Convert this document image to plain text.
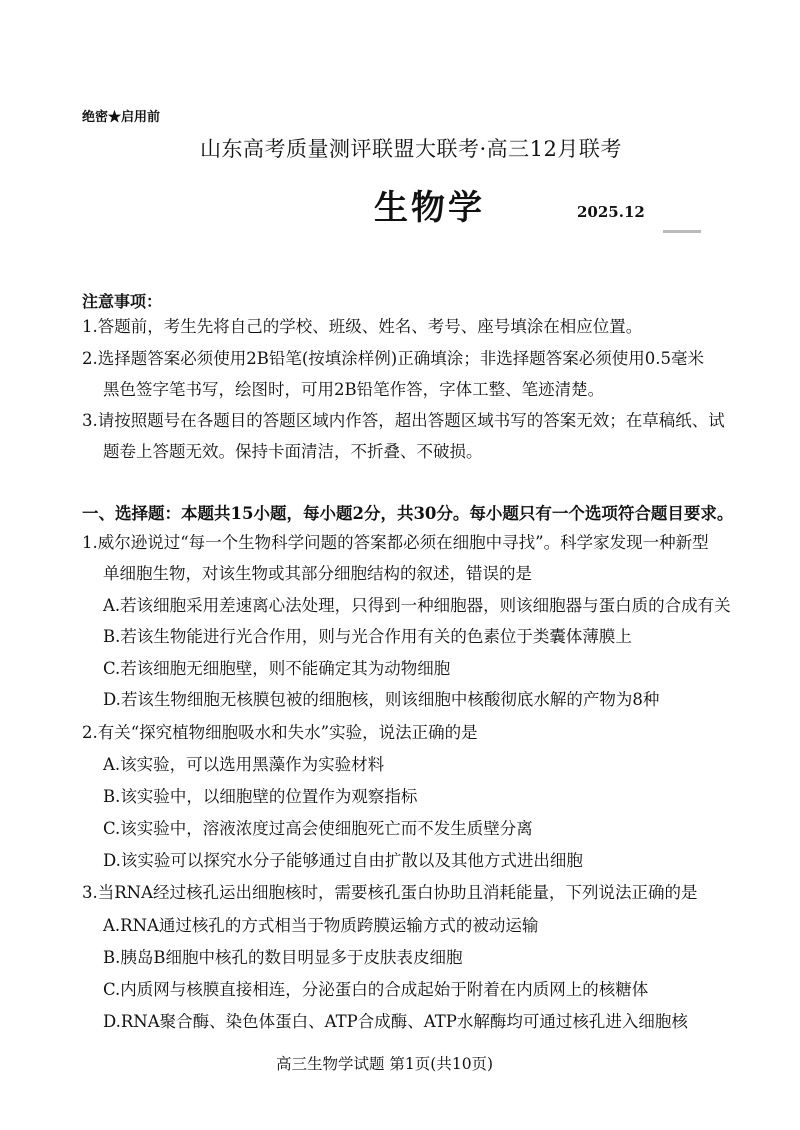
绝密★启用前
山东高考质量测评联盟大联考·高三12月联考
生物学	2025.12
注意事项：
1.答题前，考生先将自己的学校、班级、姓名、考号、座号填涂在相应位置。
2.选择题答案必须使用2B铅笔(按填涂样例)正确填涂；非选择题答案必须使用0.5毫米
黑色签字笔书写，绘图时，可用2B铅笔作答，字体工整、笔迹清楚。
3.请按照题号在各题目的答题区域内作答，超出答题区域书写的答案无效；在草稿纸、试
题卷上答题无效。保持卡面清洁，不折叠、不破损。
一、选择题：本题共15小题，每小题2分，共30分。每小题只有一个选项符合题目要求。
1.威尔逊说过“每一个生物科学问题的答案都必须在细胞中寻找”。科学家发现一种新型
单细胞生物，对该生物或其部分细胞结构的叙述，错误的是
A.若该细胞采用差速离心法处理，只得到一种细胞器，则该细胞器与蛋白质的合成有关
B.若该生物能进行光合作用，则与光合作用有关的色素位于类囊体薄膜上
C.若该细胞无细胞壁，则不能确定其为动物细胞
D.若该生物细胞无核膜包被的细胞核，则该细胞中核酸彻底水解的产物为8种
2.有关“探究植物细胞吸水和失水”实验，说法正确的是
A.该实验，可以选用黑藻作为实验材料
B.该实验中，以细胞壁的位置作为观察指标
C.该实验中，溶液浓度过高会使细胞死亡而不发生质壁分离
D.该实验可以探究水分子能够通过自由扩散以及其他方式进出细胞
3.当RNA经过核孔运出细胞核时，需要核孔蛋白协助且消耗能量，下列说法正确的是
A.RNA通过核孔的方式相当于物质跨膜运输方式的被动运输
B.胰岛B细胞中核孔的数目明显多于皮肤表皮细胞
C.内质网与核膜直接相连，分泌蛋白的合成起始于附着在内质网上的核糖体
D.RNA聚合酶、染色体蛋白、ATP合成酶、ATP水解酶均可通过核孔进入细胞核
高三生物学试题 第1页(共10页)
